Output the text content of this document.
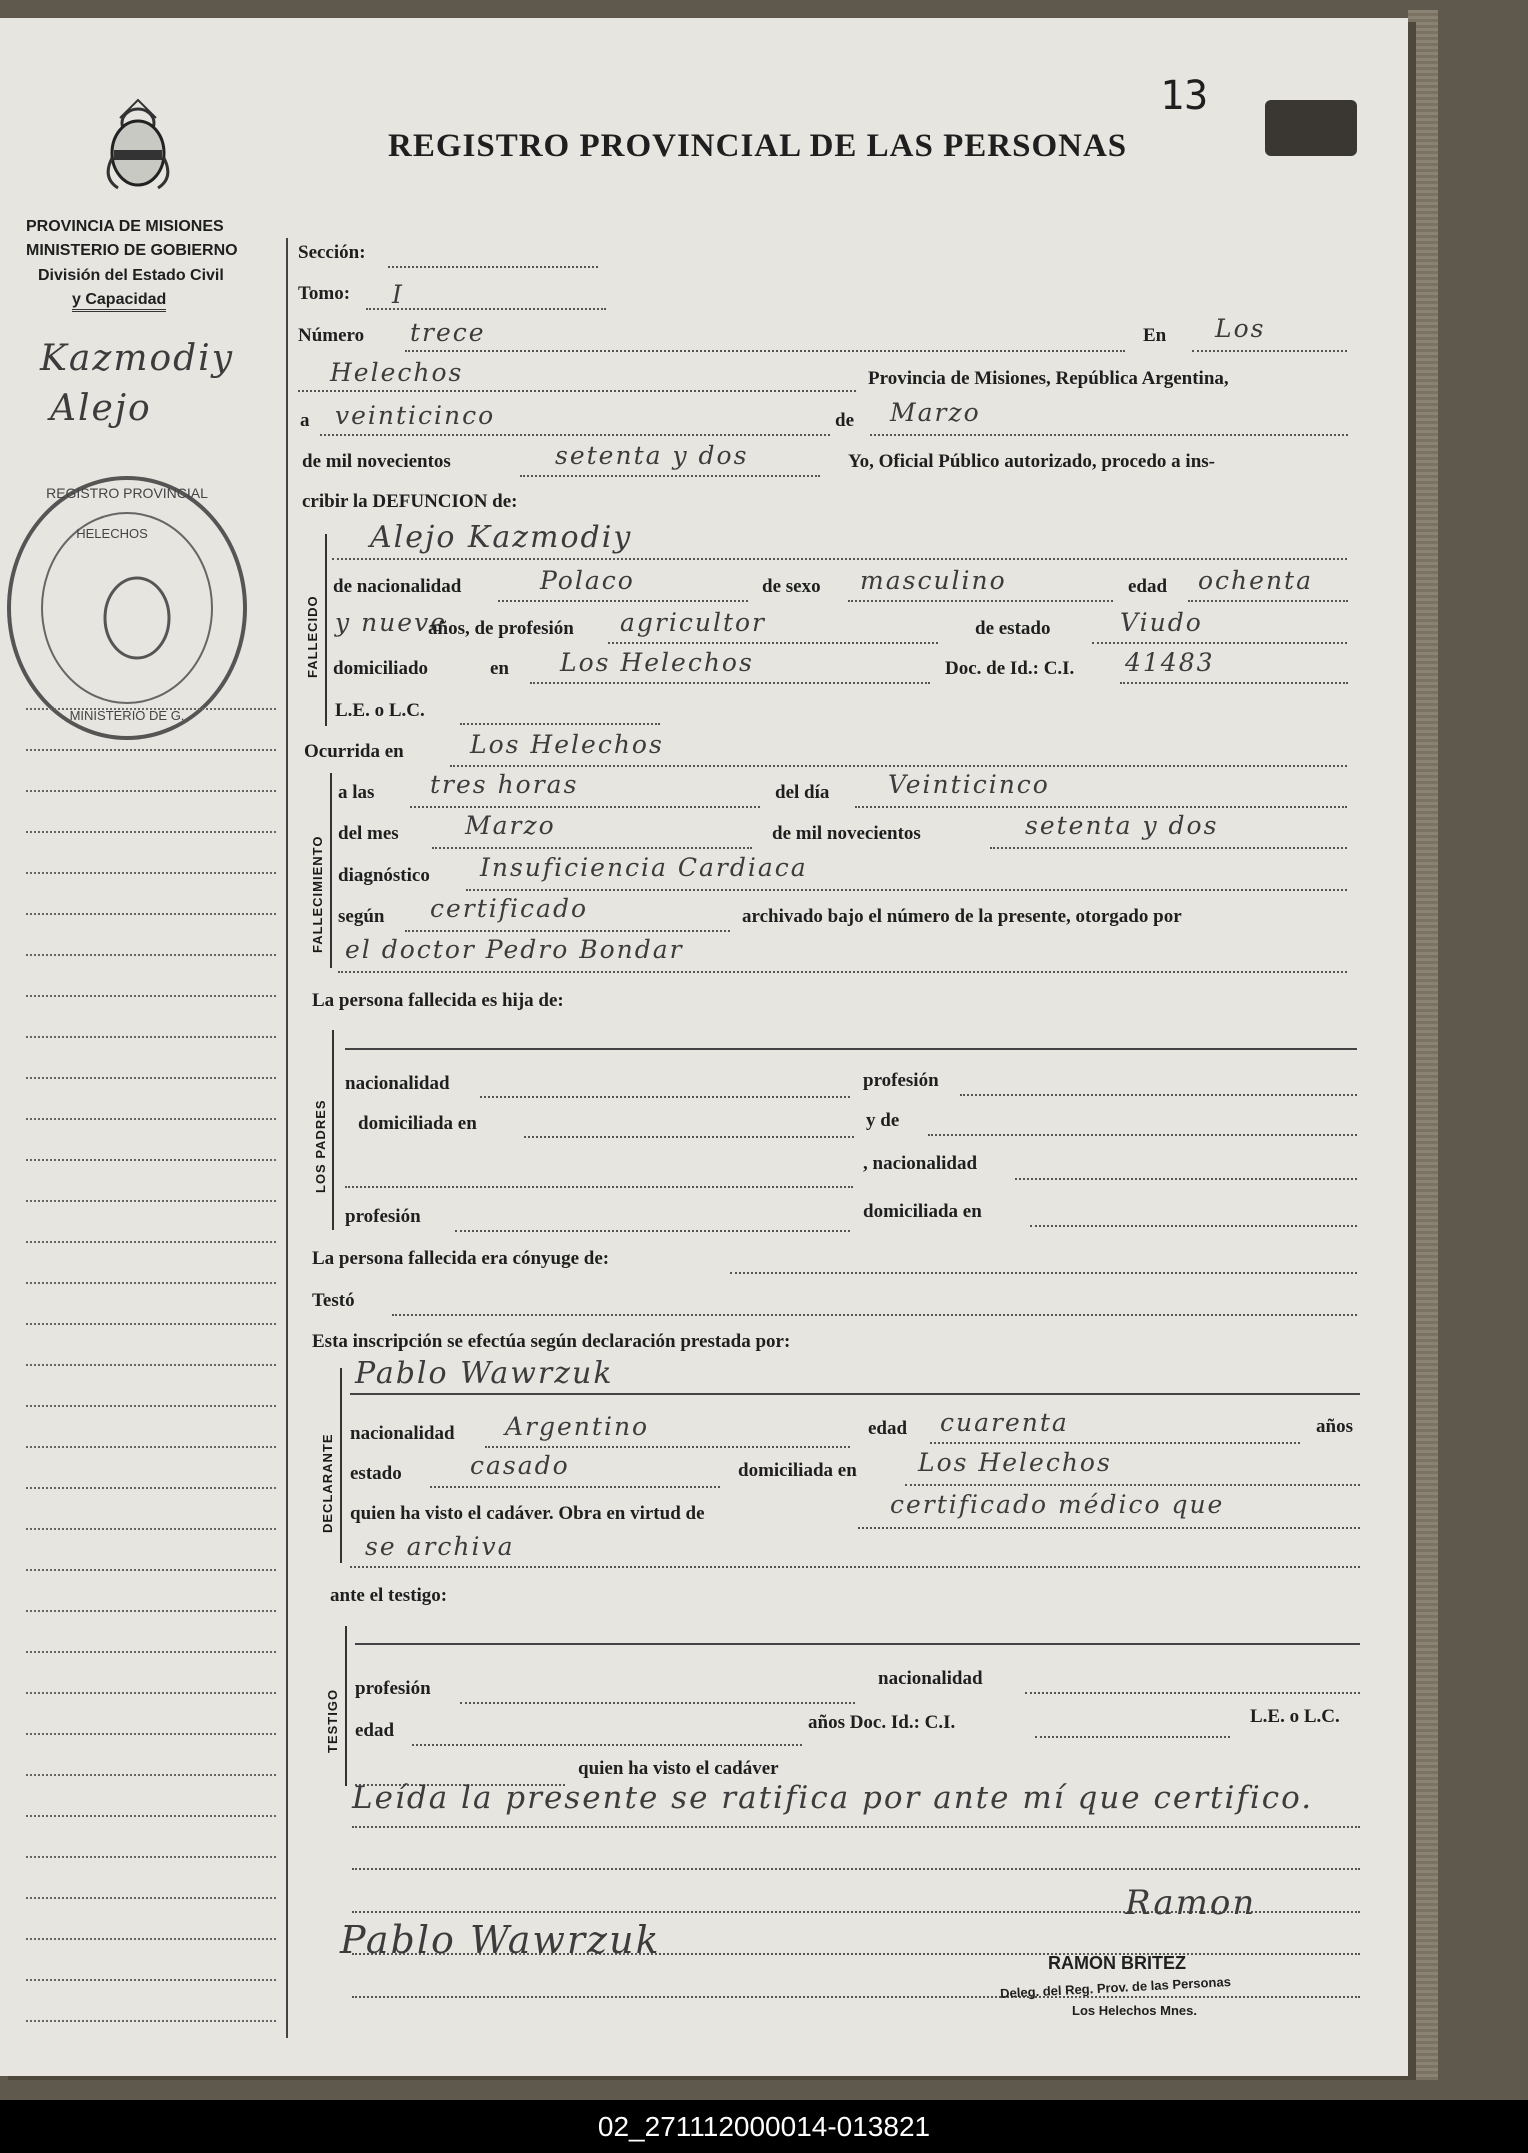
13
REGISTRO PROVINCIAL DE LAS PERSONAS
PROVINCIA DE MISIONES
MINISTERIO DE GOBIERNO
División del Estado Civil
y Capacidad
Kazmodiy
Alejo
REGISTRO PROVINCIAL
HELECHOS
MINISTERIO DE G.
Sección:
Tomo: I
Número trece	En Los
Helechos	Provincia de Misiones, República Argentina,
a veinticinco	de Marzo
de mil novecientos	setenta y dos	Yo, Oficial Público autorizado, procedo a ins-
cribir la DEFUNCION de:
FALLECIDO
Alejo Kazmodiy
de nacionalidad	Polaco	de sexo masculino	edad ochenta
y nueve
años, de profesión agricultor	de estado	Viudo
domiciliado	en Los Helechos	Doc. de Id.: C.I. 41483
L.E. o L.C.
Ocurrida en	Los Helechos
FALLECIMIENTO
a las tres horas	del día Veinticinco
del mes	Marzo	de mil novecientos	setenta y dos
diagnóstico Insuficiencia Cardiaca
según certificado	archivado bajo el número de la presente, otorgado por
el doctor Pedro Bondar
La persona fallecida es hija de:
LOS PADRES
nacionalidad	profesión
domiciliada en	y de
, nacionalidad
profesión	domiciliada en
La persona fallecida era cónyuge de:
Testó
Esta inscripción se efectúa según declaración prestada por:
DECLARANTE
Pablo Wawrzuk
nacionalidad Argentino	edad cuarenta	años
estado	casado	domiciliada en Los Helechos
quien ha visto el cadáver. Obra en virtud de	certificado médico que
se archiva
ante el testigo:
TESTIGO
profesión	nacionalidad
edad	años Doc. Id.: C.I.	L.E. o L.C.
quien ha visto el cadáver
Leída la presente se ratifica por ante mí que certifico.
Pablo Wawrzuk
Ramon
RAMON BRITEZ
Deleg. del Reg. Prov. de las Personas
Los Helechos Mnes.
02_271112000014-013821
